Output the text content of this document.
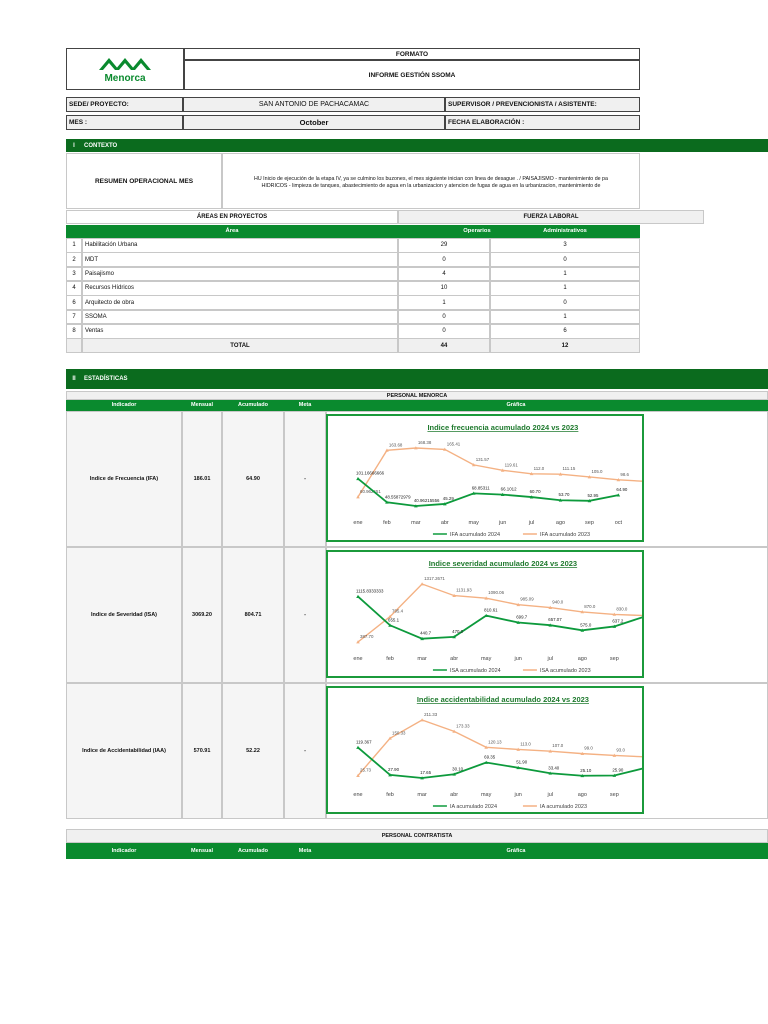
Menorca
FORMATO
INFORME GESTIÓN SSOMA
SEDE/ PROYECTO:	SAN ANTONIO DE PACHACAMAC	SUPERVISOR / PREVENCIONISTA / ASISTENTE:
MES :	October	FECHA ELABORACIÓN :
I	CONTEXTO
RESUMEN OPERACIONAL MES	HU Inicio de ejecución de la etapa IV, ya se culmino los buzones, el mes siguiente inician con linea de desague . / PAISAJISMO - mantenimiento de pa
HIDRICOS - limpieza de tanques, abastecimiento de agua en la urbanizacion y atencion de fugas de agua en la urbanizacion, mantenimiento de
ÁREAS EN PROYECTOS	FUERZA LABORAL
Área	Operarios	Administrativos
1	Habilitación Urbana	29	3
2	MDT	0	0
3	Paisajismo	4	1
4	Recursos Hídricos	10	1
6	Arquitecto de obra	1	0
7	SSOMA	0	1
8	Ventas	0	6
TOTAL	44	12
II	ESTADÍSTICAS
PERSONAL MENORCA
Indicador	Mensual	Acumulado	Meta	Gráfica
Indice de Frecuencia (IFA)	186.01	64.90	-
Indice frecuencia acumulado 2024 vs 2023
ene	feb	mar	abr	may	jun	jul	ago	sep	oct
60.962651
163.68	168.38	165.41
131.57
119.61
112.0	111.15
105.0
98.6
101.16666666
48.55872979
40.96215556 45.29
68.85311 66.1012	60.70
53.70	52.95
64.90
IFA acumulado 2024	IFA acumulado 2023
Indice de Severidad (ISA)	3069.20	804.71	-
Indice severidad acumulado 2024 vs 2023
ene	feb	mar	abr	may	jun	jul	ago	sep
387.70
795.4
1317.2671
1131.93
1090.06
985.09
940.0
870.0	830.0
1115.8333333
655.1
440.7	470.0
810.61
699.7
657.07
575.0
637.2
ISA acumulado 2024	ISA acumulado 2023
Indice de Accidentabilidad (IAA)	570.91	52.22	-
Indice accidentabilidad acumulado 2024 vs 2023
ene	feb	mar	abr	may	jun	jul	ago	sep
25.73
150.33
211.33
173.33
120.13	113.0	107.0	99.0	93.0
119.367
27.90
17.65
30.10
69.35
51.90
33.40	25.10	25.90
IA acumulado 2024	IA acumulado 2023
PERSONAL CONTRATISTA
Indicador	Mensual	Acumulado	Meta	Gráfica
